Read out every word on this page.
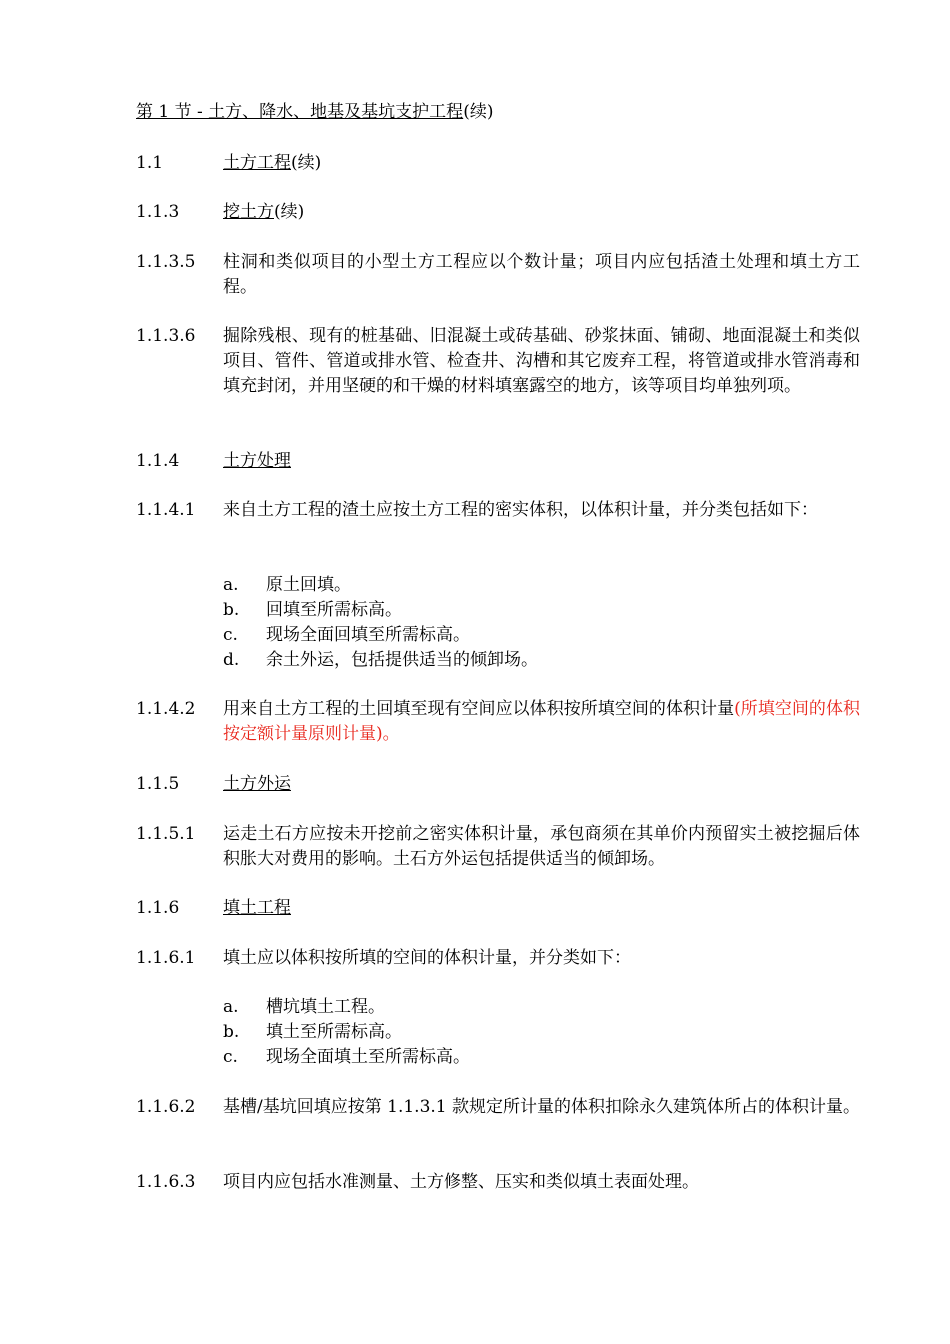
第 1 节 - 土方、降水、地基及基坑支护工程(续)
1.1	土方工程(续)
1.1.3	挖土方(续)
1.1.3.5 柱洞和类似项目的小型土方工程应以个数计量；项目内应包括渣土处理和填土方工程。
1.1.3.6 掘除残根、现有的桩基础、旧混凝土或砖基础、砂浆抹面、铺砌、地面混凝土和类似项目、管件、管道或排水管、检查井、沟槽和其它废弃工程，将管道或排水管消毒和填充封闭，并用坚硬的和干燥的材料填塞露空的地方，该等项目均单独列项。
1.1.4	土方处理
1.1.4.1 来自土方工程的渣土应按土方工程的密实体积，以体积计量，并分类包括如下：
a. 原土回填。
b. 回填至所需标高。
c. 现场全面回填至所需标高。
d. 余土外运，包括提供适当的倾卸场。
1.1.4.2 用来自土方工程的土回填至现有空间应以体积按所填空间的体积计量(所填空间的体积按定额计量原则计量)。
1.1.5	土方外运
1.1.5.1 运走土石方应按未开挖前之密实体积计量，承包商须在其单价内预留实土被挖掘后体积胀大对费用的影响。土石方外运包括提供适当的倾卸场。
1.1.6	填土工程
1.1.6.1 填土应以体积按所填的空间的体积计量，并分类如下：
a. 槽坑填土工程。
b. 填土至所需标高。
c. 现场全面填土至所需标高。
1.1.6.2 基槽/基坑回填应按第 1.1.3.1 款规定所计量的体积扣除永久建筑体所占的体积计量。
1.1.6.3 项目内应包括水准测量、土方修整、压实和类似填土表面处理。
